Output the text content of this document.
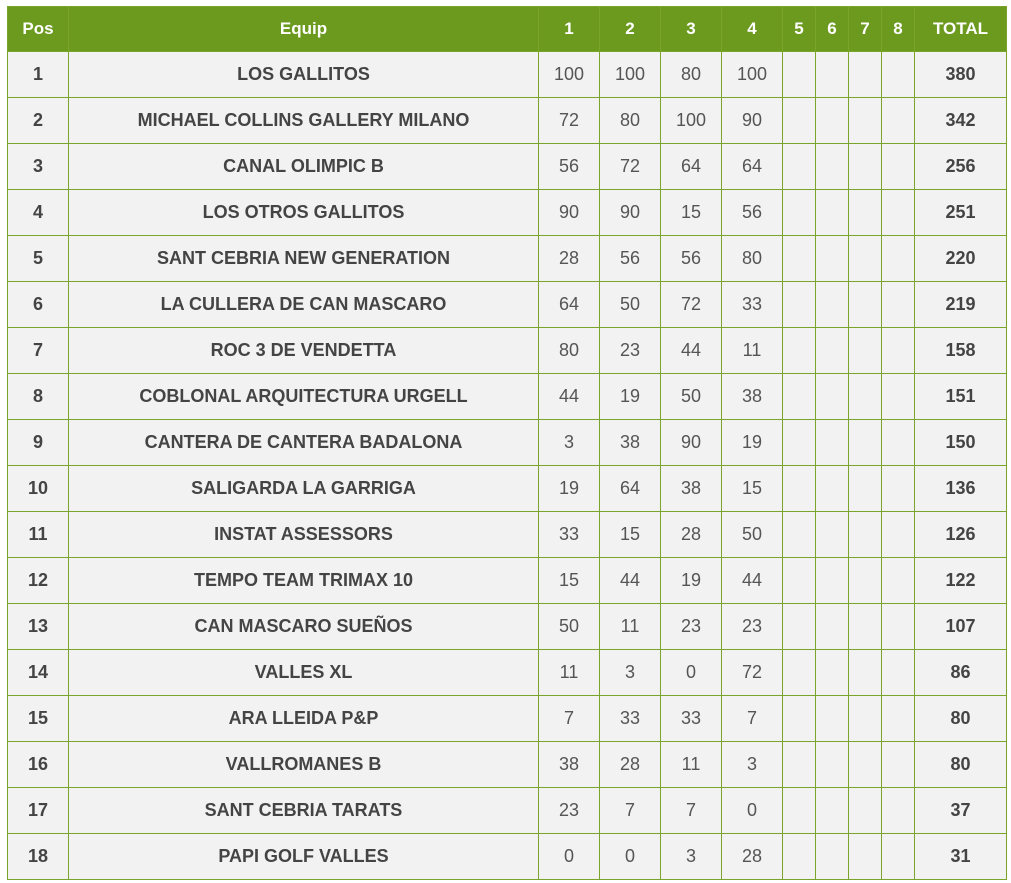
Pos	Equip	1	2	3	4	5	6	7	8	TOTAL
1	LOS GALLITOS	100	100	80	100					380
2	MICHAEL COLLINS GALLERY MILANO	72	80	100	90					342
3	CANAL OLIMPIC B	56	72	64	64					256
4	LOS OTROS GALLITOS	90	90	15	56					251
5	SANT CEBRIA NEW GENERATION	28	56	56	80					220
6	LA CULLERA DE CAN MASCARO	64	50	72	33					219
7	ROC 3 DE VENDETTA	80	23	44	11					158
8	COBLONAL ARQUITECTURA URGELL	44	19	50	38					151
9	CANTERA DE CANTERA BADALONA	3	38	90	19					150
10	SALIGARDA LA GARRIGA	19	64	38	15					136
11	INSTAT ASSESSORS	33	15	28	50					126
12	TEMPO TEAM TRIMAX 10	15	44	19	44					122
13	CAN MASCARO SUEÑOS	50	11	23	23					107
14	VALLES XL	11	3	0	72					86
15	ARA LLEIDA P&P	7	33	33	7					80
16	VALLROMANES B	38	28	11	3					80
17	SANT CEBRIA TARATS	23	7	7	0					37
18	PAPI GOLF VALLES	0	0	3	28					31
